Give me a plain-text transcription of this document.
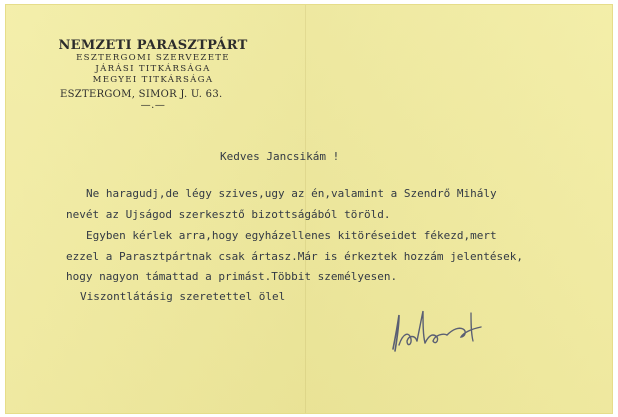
NEMZETI PARASZTPÁRT
ESZTERGOMI SZERVEZETE
JÁRÁSI TITKÁRSÁGA
MEGYEI TITKÁRSÁGA
ESZTERGOM, SIMOR J. U. 63.
—.—
Kedves Jancsikám !
Ne haragudj,de légy szives,ugy az én,valamint a Szendrő Mihály
nevét az Ujságod szerkesztő bizottságából töröld.
Egyben kérlek arra,hogy egyházellenes kitöréseidet fékezd,mert
ezzel a Parasztpártnak csak ártasz.Már is érkeztek hozzám jelentések,
hogy nagyon támattad a primást.Többit személyesen.
Viszontlátásig szeretettel ölel
